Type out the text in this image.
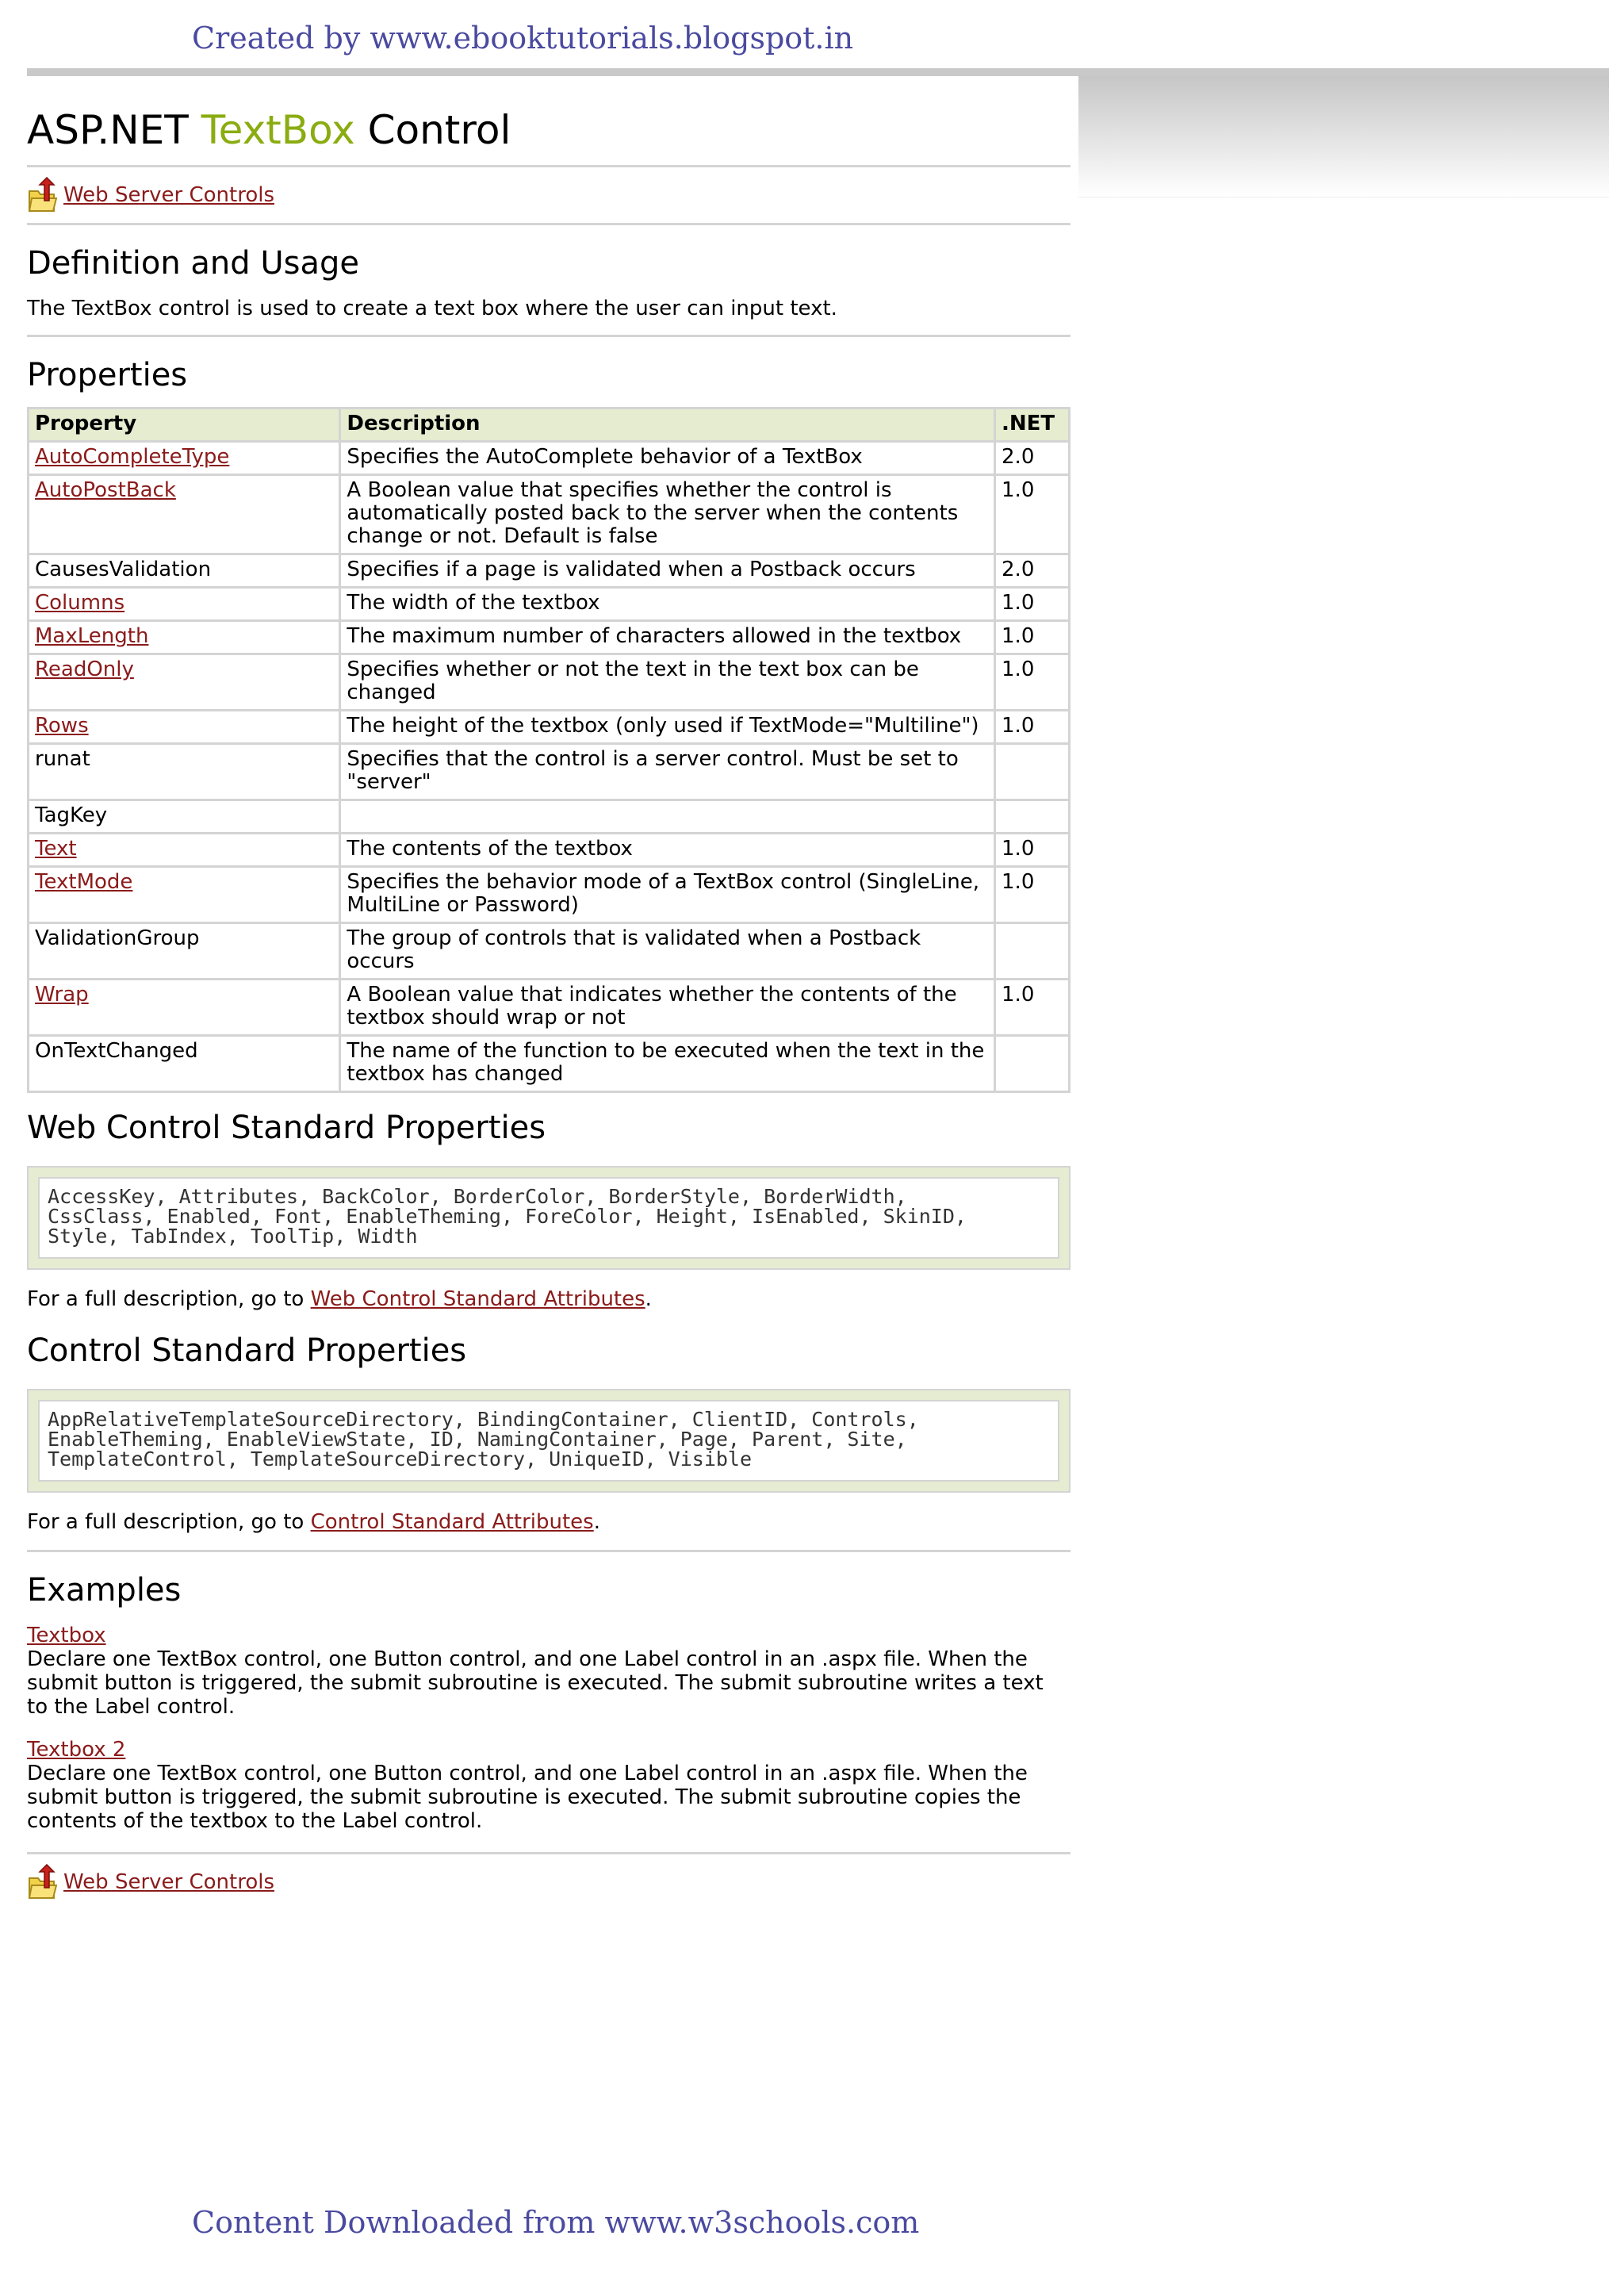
Created by www.ebooktutorials.blogspot.in
ASP.NET TextBox Control
Web Server Controls
Definition and Usage

The TextBox control is used to create a text box where the user can input text.

Properties
Property	Description	.NET
AutoCompleteType	Specifies the AutoComplete behavior of a TextBox	2.0
AutoPostBack	A Boolean value that specifies whether the control is automatically posted back to the server when the contents change or not. Default is false	1.0
CausesValidation	Specifies if a page is validated when a Postback occurs	2.0
Columns	The width of the textbox	1.0
MaxLength	The maximum number of characters allowed in the textbox	1.0
ReadOnly	Specifies whether or not the text in the text box can be changed	1.0
Rows	The height of the textbox (only used if TextMode="Multiline")	1.0
runat	Specifies that the control is a server control. Must be set to "server"	
TagKey		
Text	The contents of the textbox	1.0
TextMode	Specifies the behavior mode of a TextBox control (SingleLine, MultiLine or Password)	1.0
ValidationGroup	The group of controls that is validated when a Postback occurs	
Wrap	A Boolean value that indicates whether the contents of the textbox should wrap or not	1.0
OnTextChanged	The name of the function to be executed when the text in the textbox has changed	
Web Control Standard Properties
AccessKey, Attributes, BackColor, BorderColor, BorderStyle, BorderWidth,
CssClass, Enabled, Font, EnableTheming, ForeColor, Height, IsEnabled, SkinID,
Style, TabIndex, ToolTip, Width

For a full description, go to Web Control Standard Attributes.

Control Standard Properties
AppRelativeTemplateSourceDirectory, BindingContainer, ClientID, Controls,
EnableTheming, EnableViewState, ID, NamingContainer, Page, Parent, Site,
TemplateControl, TemplateSourceDirectory, UniqueID, Visible

For a full description, go to Control Standard Attributes.

Examples

Textbox

Declare one TextBox control, one Button control, and one Label control in an .aspx file. When the submit button is triggered, the submit subroutine is executed. The submit subroutine writes a text to the Label control.

Textbox 2

Declare one TextBox control, one Button control, and one Label control in an .aspx file. When the submit button is triggered, the submit subroutine is executed. The submit subroutine copies the contents of the textbox to the Label control.

Web Server Controls
Content Downloaded from www.w3schools.com
